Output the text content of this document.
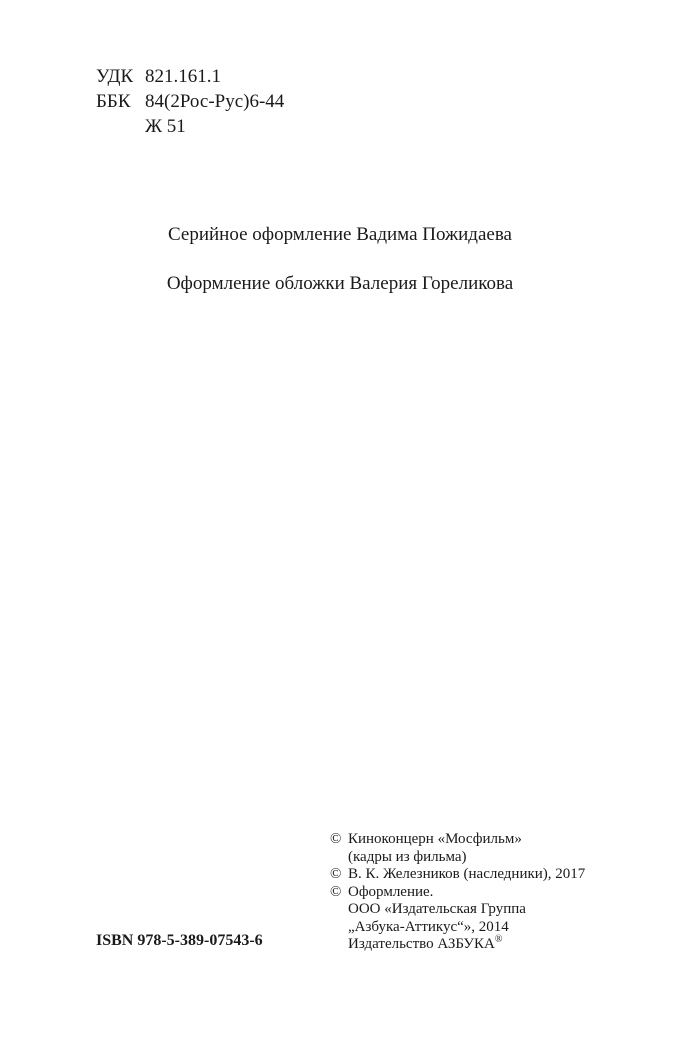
УДК 821.161.1
ББК 84(2Рос-Рус)6-44
Ж 51
Серийное оформление Вадима Пожидаева
Оформление обложки Валерия Гореликова
ISBN 978-5-389-07543-6
© Киноконцерн «Мосфильм»
(кадры из фильма)
© В. К. Железников (наследники), 2017
© Оформление.
ООО «Издательская Группа
„Азбука-Аттикус“», 2014
Издательство АЗБУКА®
